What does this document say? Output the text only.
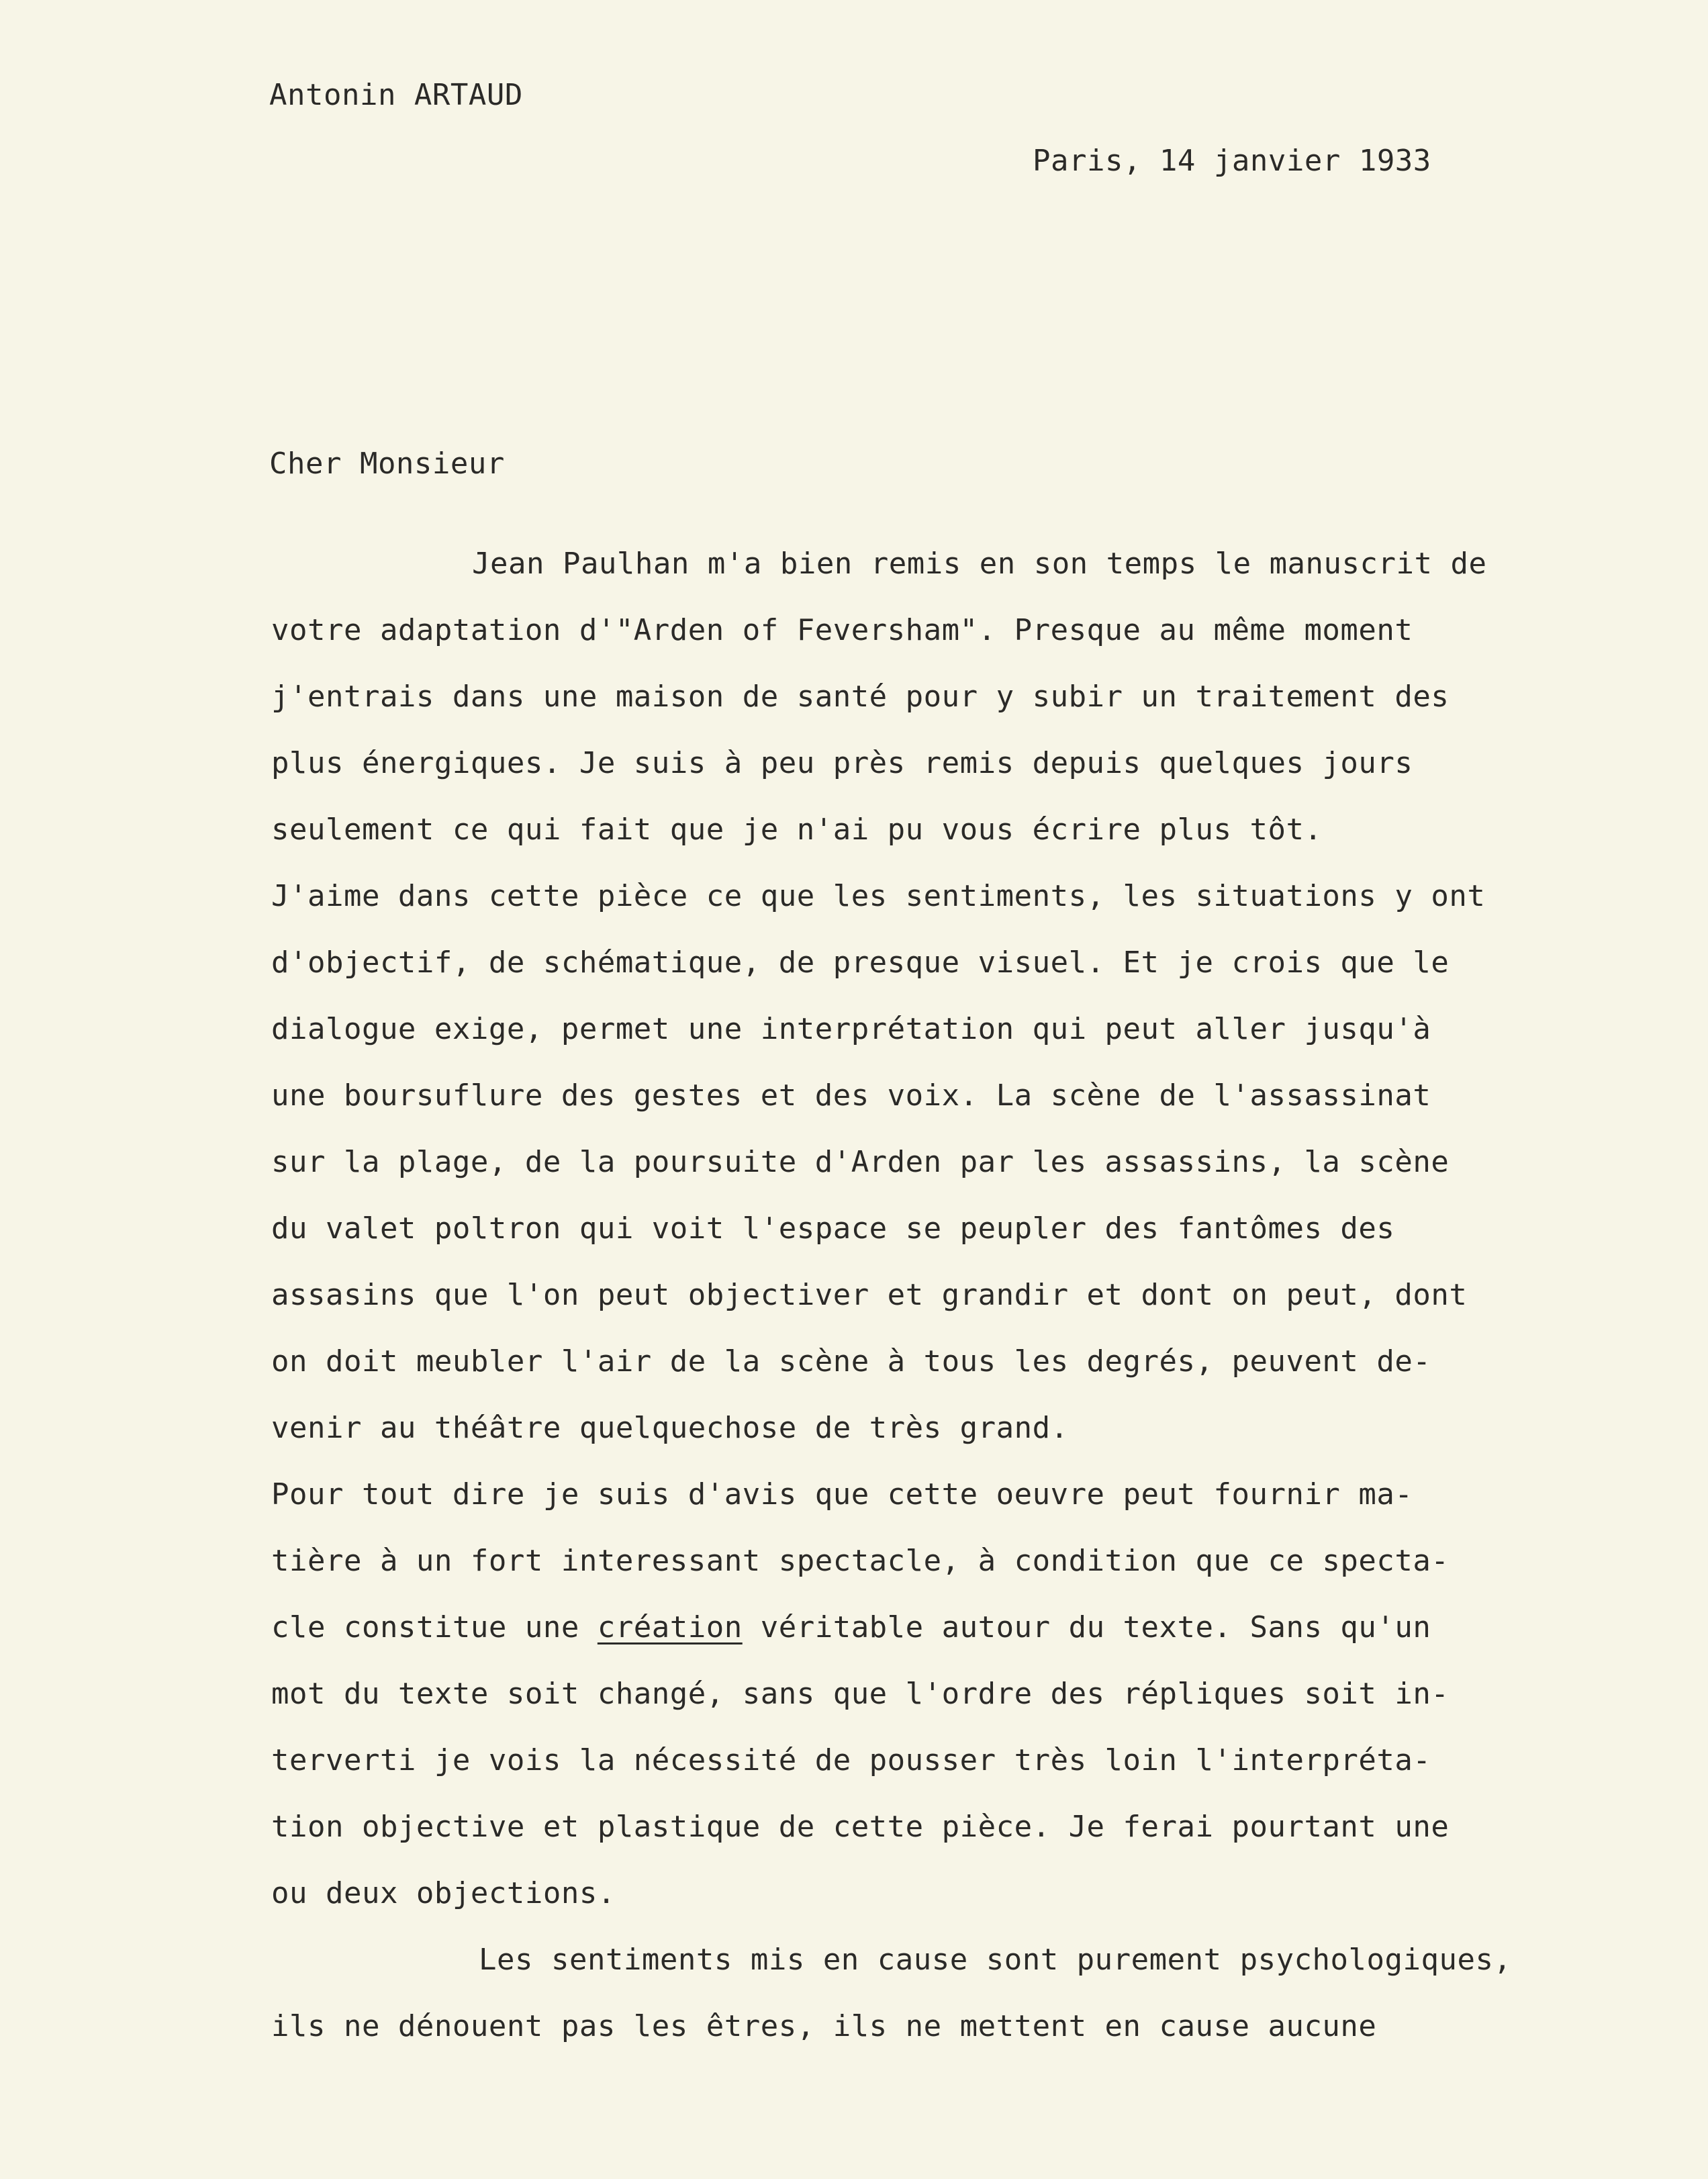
Antonin ARTAUD
Paris, 14 janvier 1933
Cher Monsieur
Jean Paulhan m'a bien remis en son temps le manuscrit de
votre adaptation d'"Arden of Feversham". Presque au même moment
j'entrais dans une maison de santé pour y subir un traitement des
plus énergiques. Je suis à peu près remis depuis quelques jours
seulement ce qui fait que je n'ai pu vous écrire plus tôt.
J'aime dans cette pièce ce que les sentiments, les situations y ont
d'objectif, de schématique, de presque visuel. Et je crois que le
dialogue exige, permet une interprétation qui peut aller jusqu'à
une boursuflure des gestes et des voix. La scène de l'assassinat
sur la plage, de la poursuite d'Arden par les assassins, la scène
du valet poltron qui voit l'espace se peupler des fantômes des
assasins que l'on peut objectiver et grandir et dont on peut, dont
on doit meubler l'air de la scène à tous les degrés, peuvent de-
venir au théâtre quelquechose de très grand.
Pour tout dire je suis d'avis que cette oeuvre peut fournir ma-
tière à un fort interessant spectacle, à condition que ce specta-
cle constitue une création véritable autour du texte. Sans qu'un
mot du texte soit changé, sans que l'ordre des répliques soit in-
terverti je vois la nécessité de pousser très loin l'interpréta-
tion objective et plastique de cette pièce. Je ferai pourtant une
ou deux objections.
Les sentiments mis en cause sont purement psychologiques,
ils ne dénouent pas les êtres, ils ne mettent en cause aucune
